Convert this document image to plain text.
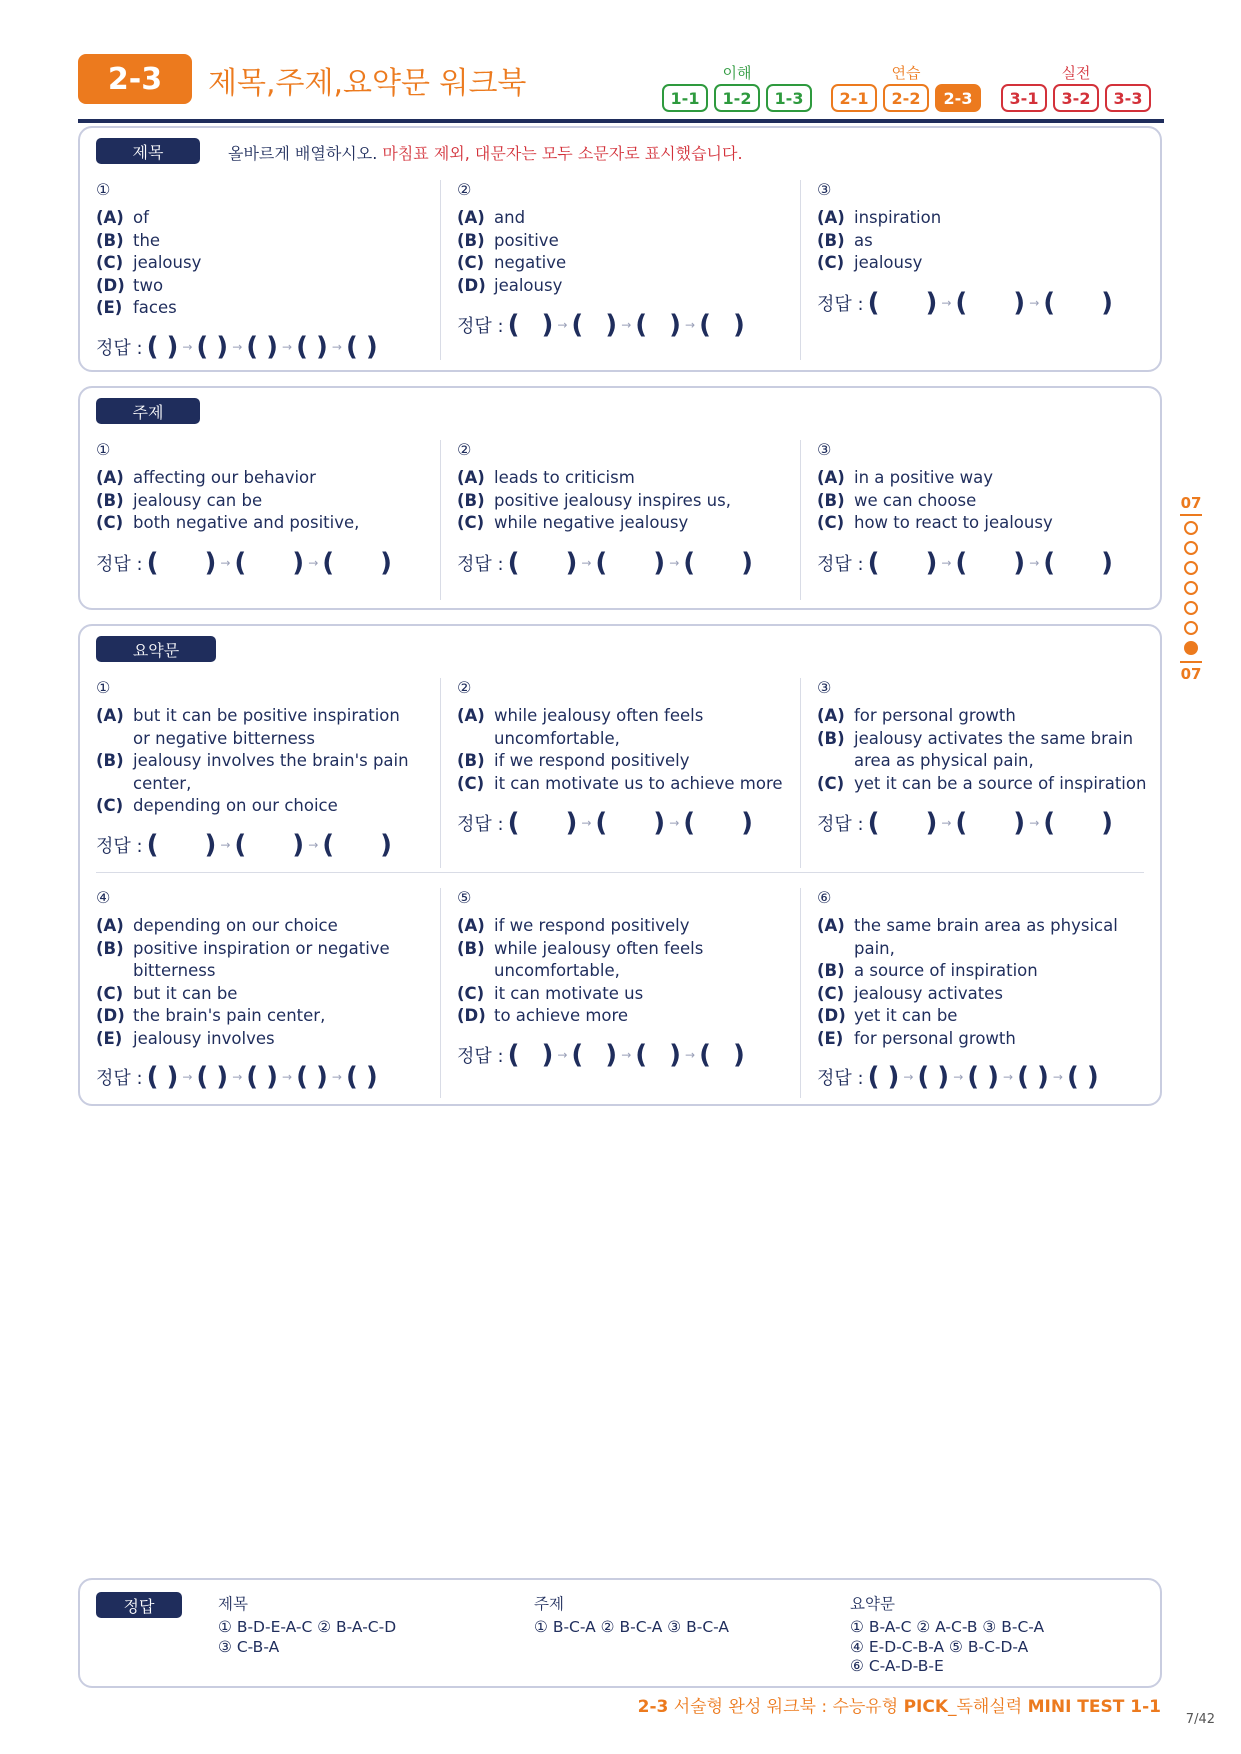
2-3	제목,주제,요약문 워크북	이해
1-1	1-2	1-3
연습
2-1	2-2	2-3
실전
3-1	3-2	3-3
제목	올바르게 배열하시오. 마침표 제외, 대문자는 모두 소문자로 표시했습니다.
①
(A) of
(B) the
(C) jealousy
(D) two
(E) faces
정답 : ( ) → ( ) → ( ) → ( ) → ( )
②
(A) and
(B) positive
(C) negative
(D) jealousy
정답 : ( ) → ( ) → ( ) → ( )
③
(A) inspiration
(B) as
(C) jealousy
정답 : ( ) → ( ) → ( )
주제
①
(A) affecting our behavior
(B) jealousy can be
(C) both negative and positive,
정답 : ( ) → ( ) → ( )
②
(A) leads to criticism
(B) positive jealousy inspires us,
(C) while negative jealousy
정답 : ( ) → ( ) → ( )
③
(A) in a positive way
(B) we can choose
(C) how to react to jealousy
정답 : ( ) → ( ) → ( )
요약문
①
(A) but it can be positive inspiration
or negative bitterness
(B) jealousy involves the brain's pain
center,
(C) depending on our choice
정답 : ( ) → ( ) → ( )
②
(A) while jealousy often feels
uncomfortable,
(B) if we respond positively
(C) it can motivate us to achieve more
정답 : ( ) → ( ) → ( )
③
(A) for personal growth
(B) jealousy activates the same brain
area as physical pain,
(C) yet it can be a source of inspiration
정답 : ( ) → ( ) → ( )
④
(A) depending on our choice
(B) positive inspiration or negative
bitterness
(C) but it can be
(D) the brain's pain center,
(E) jealousy involves
정답 : ( ) → ( ) → ( ) → ( ) → ( )
⑤
(A) if we respond positively
(B) while jealousy often feels
uncomfortable,
(C) it can motivate us
(D) to achieve more
정답 : ( ) → ( ) → ( ) → ( )
⑥
(A) the same brain area as physical
pain,
(B) a source of inspiration
(C) jealousy activates
(D) yet it can be
(E) for personal growth
정답 : ( ) → ( ) → ( ) → ( ) → ( )
07
07
정답	제목
① B-D-E-A-C ② B-A-C-D
③ C-B-A
주제
① B-C-A ② B-C-A ③ B-C-A
요약문
① B-A-C ② A-C-B ③ B-C-A
④ E-D-C-B-A ⑤ B-C-D-A
⑥ C-A-D-B-E
2-3 서술형 완성 워크북 : 수능유형 PICK_독해실력 MINI TEST 1-1
7/42
